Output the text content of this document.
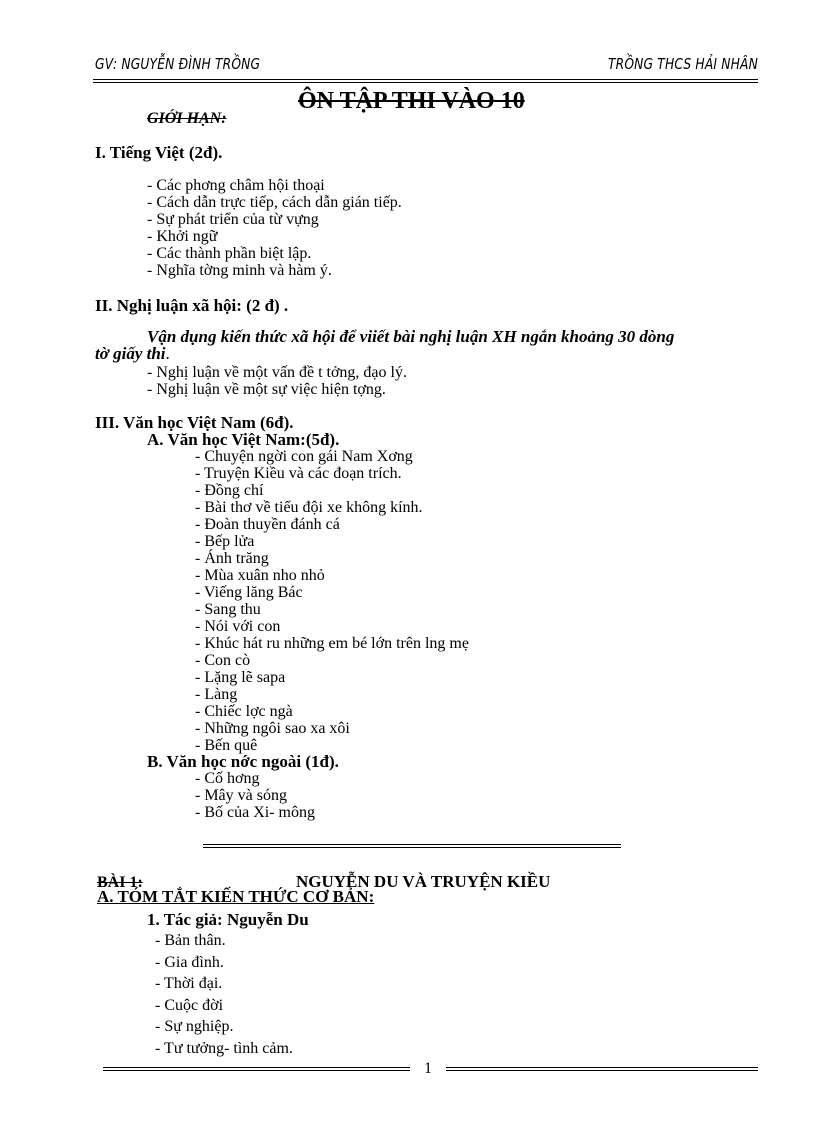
GV: NGUYỄN ĐÌNH TRỒNG	TRỒNG THCS HẢI NHÂN
ÔN TẬP THI VÀO 10
GIỚI HẠN:
I. Tiếng Việt (2đ).
- Các phơng châm hội thoại
- Cách dẫn trực tiếp, cách dẫn gián tiếp.
- Sự phát triển của từ vựng
- Khởi ngữ
- Các thành phần biệt lập.
- Nghĩa tờng minh và hàm ý.
II. Nghị luận xã hội: (2 đ) .
Vận dụng kiến thức xã hội để viiết bài nghị luận XH ngắn khoảng 30 dòng
tờ giấy thi.
- Nghị luận về một vấn đề t tởng, đạo lý.
- Nghị luận về một sự việc hiện tợng.
III. Văn học Việt Nam (6đ).
A. Văn học Việt Nam:(5đ).
- Chuyện ngời con gái Nam Xơng
- Truyện Kiều và các đoạn trích.
- Đồng chí
- Bài thơ về tiểu đội xe không kính.
- Đoàn thuyền đánh cá
- Bếp lửa
- Ánh trăng
- Mùa xuân nho nhỏ
- Viếng lăng Bác
- Sang thu
- Nói với con
- Khúc hát ru những em bé lớn trên lng mẹ
- Con cò
- Lặng lẽ sapa
- Làng
- Chiếc lợc ngà
- Những ngôi sao xa xôi
- Bến quê
B. Văn học nớc ngoài (1đ).
- Cố hơng
- Mây và sóng
- Bố của Xi- mông
BÀI 1:	NGUYỄN DU VÀ TRUYỆN KIỀU
A. TÓM TẮT KIẾN THỨC CƠ BẢN:
1. Tác giả: Nguyễn Du
- Bản thân.
- Gia đình.
- Thời đại.
- Cuộc đời
- Sự nghiệp.
- Tư tưởng- tình cảm.
1
